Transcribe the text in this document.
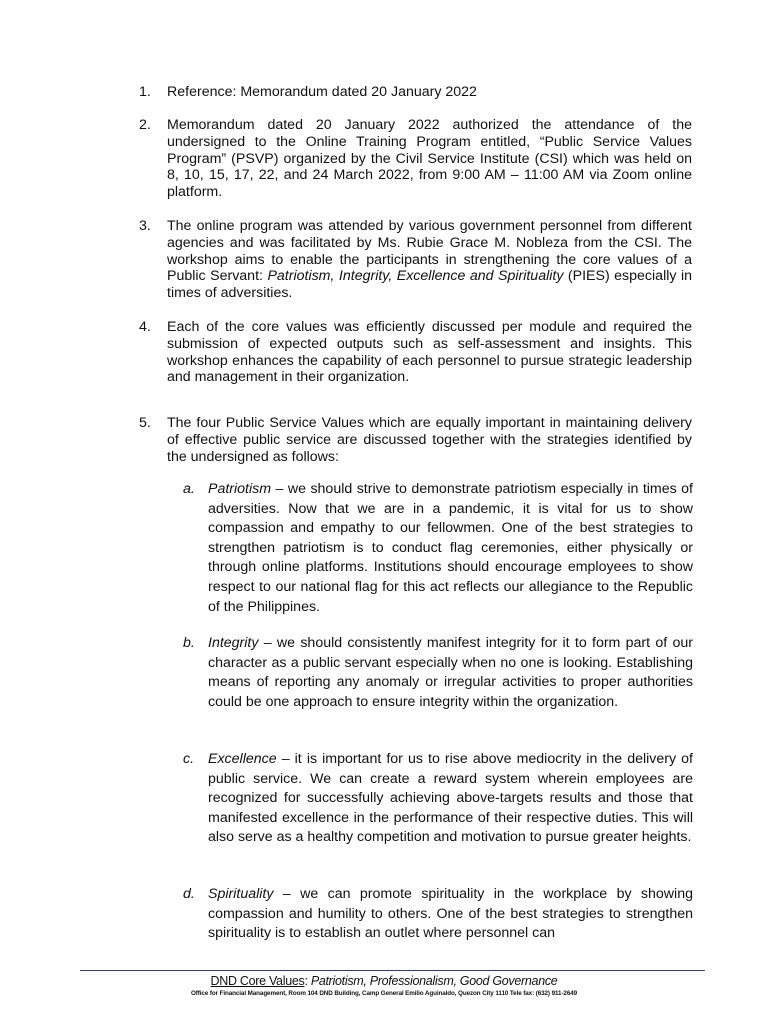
1. Reference: Memorandum dated 20 January 2022
2. Memorandum dated 20 January 2022 authorized the attendance of the undersigned to the Online Training Program entitled, “Public Service Values Program” (PSVP) organized by the Civil Service Institute (CSI) which was held on 8, 10, 15, 17, 22, and 24 March 2022, from 9:00 AM – 11:00 AM via Zoom online platform.
3. The online program was attended by various government personnel from different agencies and was facilitated by Ms. Rubie Grace M. Nobleza from the CSI. The workshop aims to enable the participants in strengthening the core values of a Public Servant: Patriotism, Integrity, Excellence and Spirituality (PIES) especially in times of adversities.
4. Each of the core values was efficiently discussed per module and required the submission of expected outputs such as self-assessment and insights. This workshop enhances the capability of each personnel to pursue strategic leadership and management in their organization.
5. The four Public Service Values which are equally important in maintaining delivery of effective public service are discussed together with the strategies identified by the undersigned as follows:
a. Patriotism – we should strive to demonstrate patriotism especially in times of adversities. Now that we are in a pandemic, it is vital for us to show compassion and empathy to our fellowmen. One of the best strategies to strengthen patriotism is to conduct flag ceremonies, either physically or through online platforms. Institutions should encourage employees to show respect to our national flag for this act reflects our allegiance to the Republic of the Philippines.
b. Integrity – we should consistently manifest integrity for it to form part of our character as a public servant especially when no one is looking. Establishing means of reporting any anomaly or irregular activities to proper authorities could be one approach to ensure integrity within the organization.
c. Excellence – it is important for us to rise above mediocrity in the delivery of public service. We can create a reward system wherein employees are recognized for successfully achieving above-targets results and those that manifested excellence in the performance of their respective duties. This will also serve as a healthy competition and motivation to pursue greater heights.
d. Spirituality – we can promote spirituality in the workplace by showing compassion and humility to others. One of the best strategies to strengthen spirituality is to establish an outlet where personnel can
DND Core Values: Patriotism, Professionalism, Good Governance
Office for Financial Management, Room 104 DND Building, Camp General Emilio Aguinaldo, Quezon City 1110 Tele fax: (632) 911-2649
